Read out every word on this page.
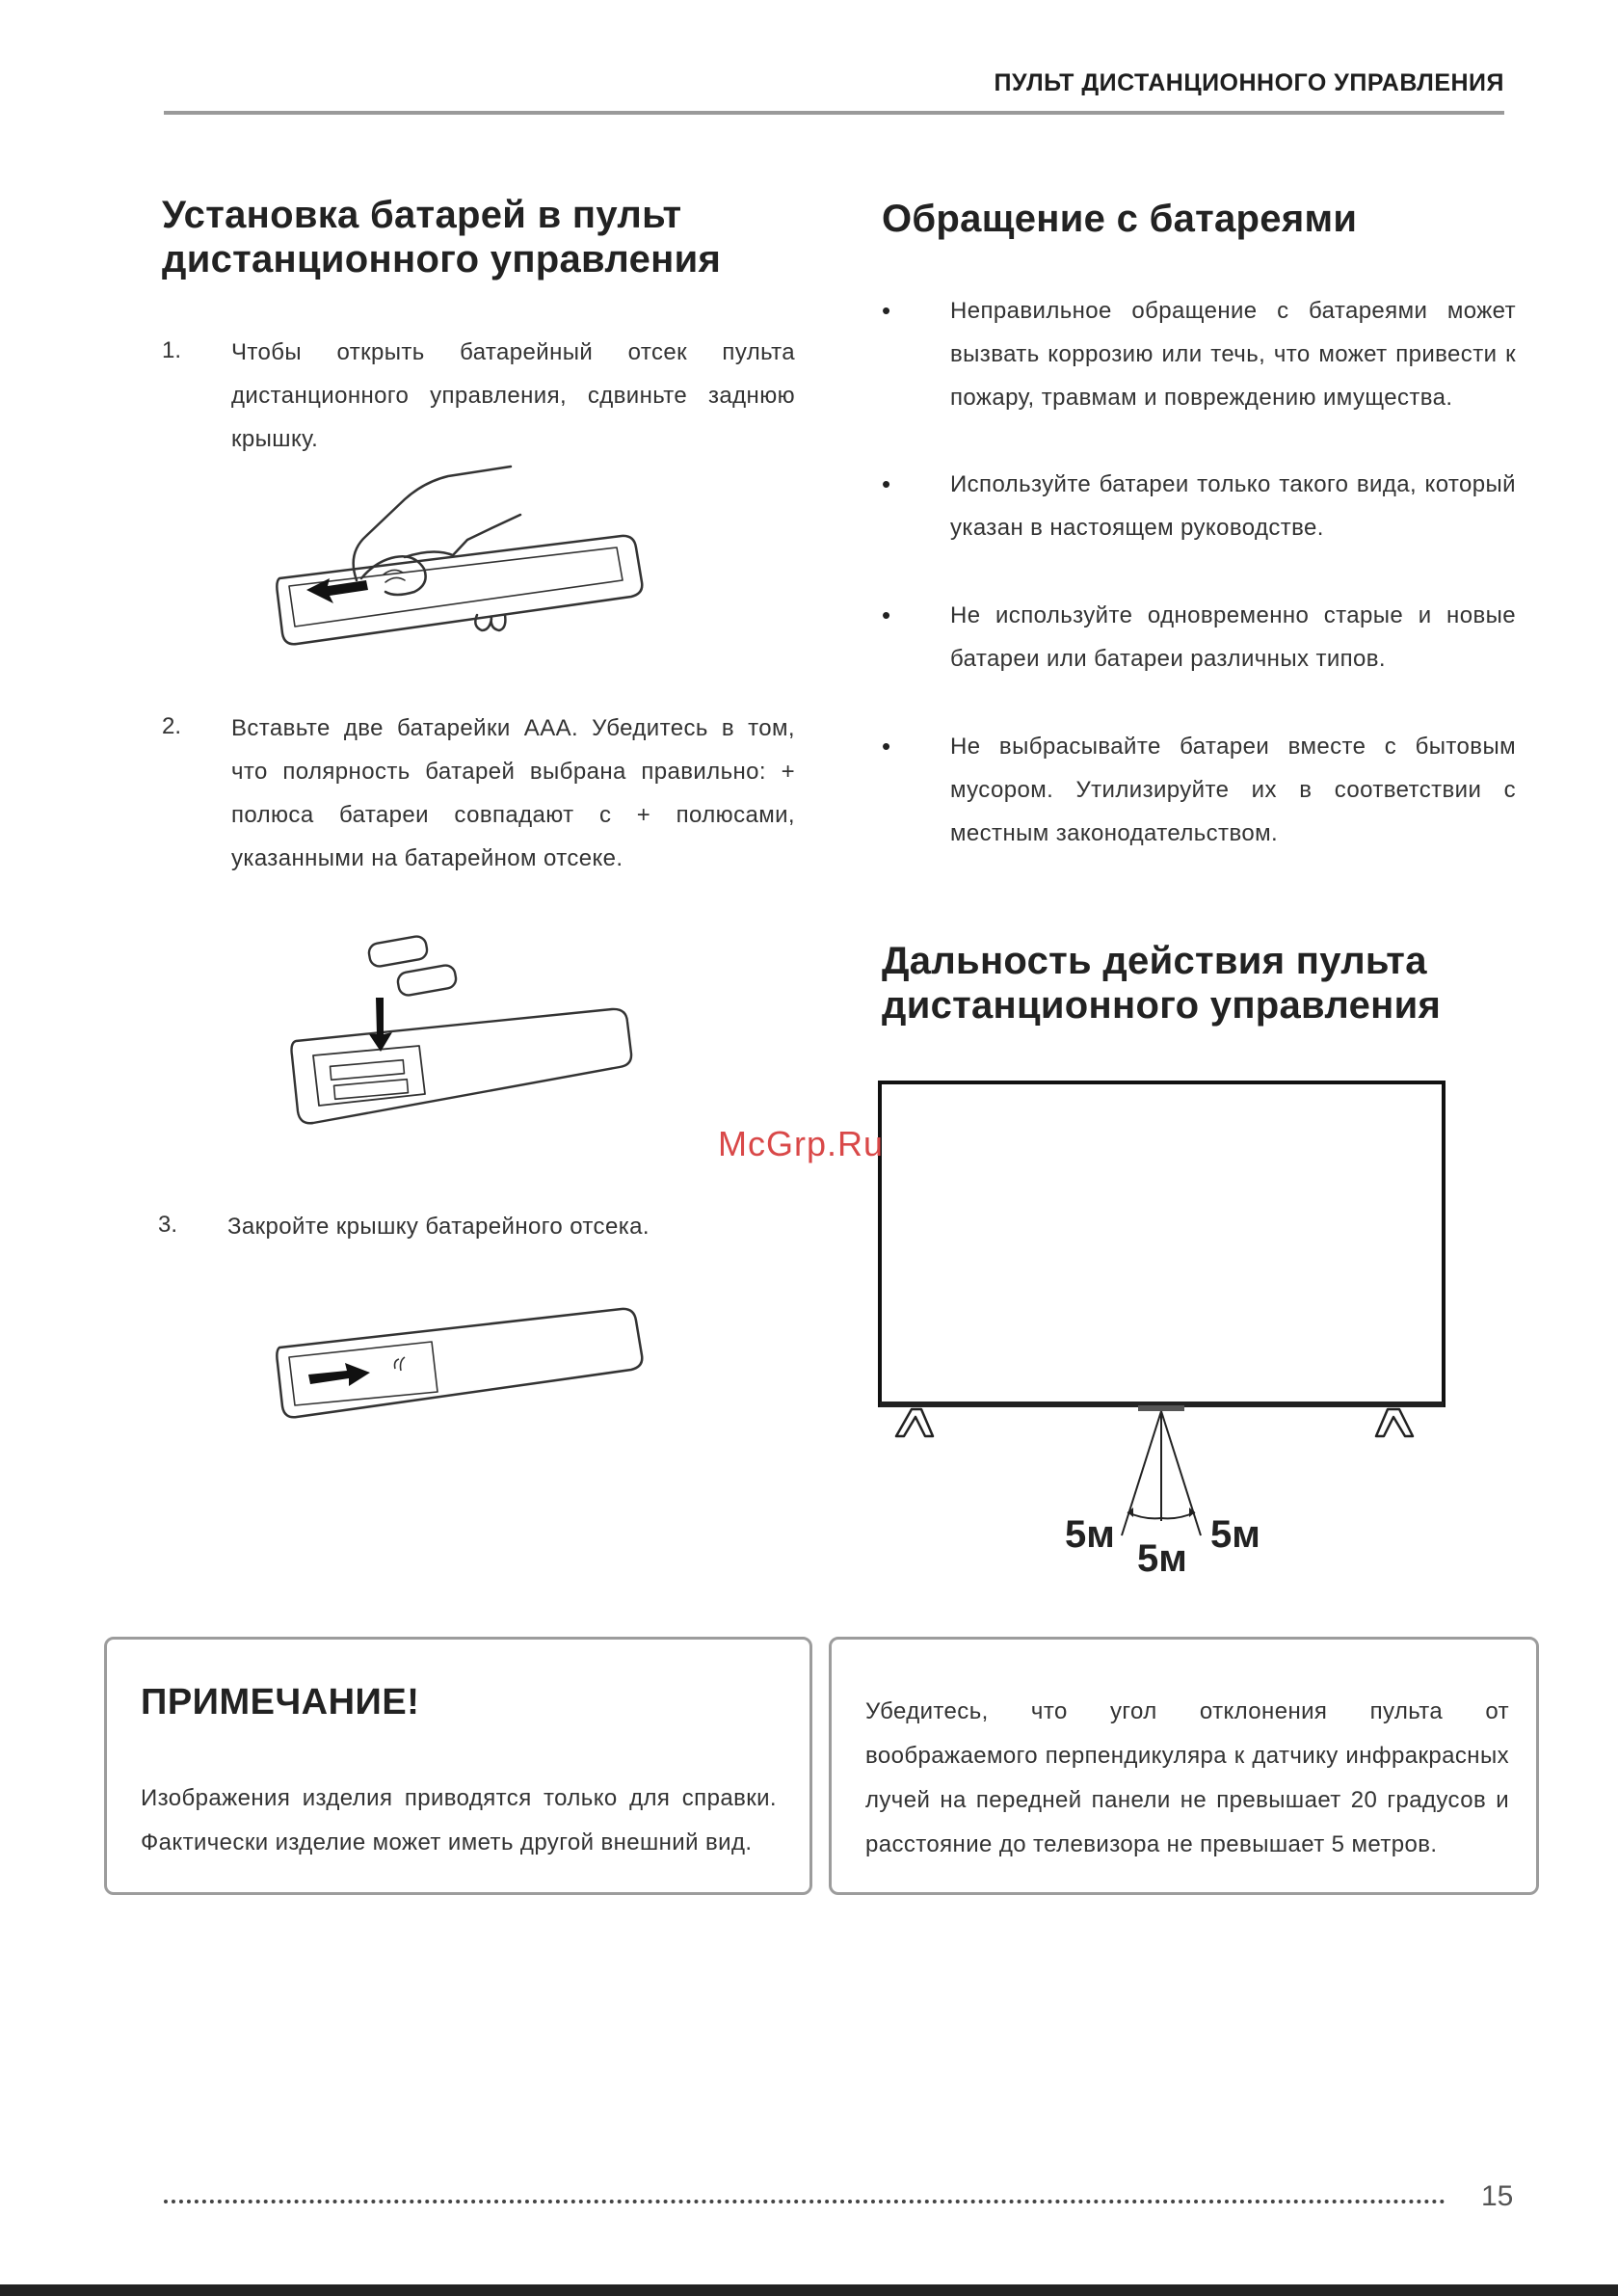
ПУЛЬТ ДИСТАНЦИОННОГО УПРАВЛЕНИЯ
Установка батарей в пульт
дистанционного управления
1. Чтобы открыть батарейный отсек пульта дистанционного управления, сдвиньте заднюю крышку.
2. Вставьте две батарейки ААА. Убедитесь в том, что полярность батарей выбрана правильно: + полюса батареи совпадают с + полюсами, указанными на батарейном отсеке.
3. Закройте крышку батарейного отсека.
Обращение с батареями
•	Неправильное обращение с батареями может вызвать коррозию или течь, что может привести к пожару, травмам и повреждению имущества.
•	Используйте батареи только такого вида, который указан в настоящем руководстве.
•	Не используйте одновременно старые и новые батареи или батареи различных типов.
•	Не выбрасывайте батареи вместе с бытовым мусором. Утилизируйте их в соответствии с местным законодательством.
Дальность действия пульта
дистанционного управления
5м
5м
5м
McGrp.Ru
ПРИМЕЧАНИЕ!
Изображения изделия приводятся только для справки. Фактически изделие может иметь другой внешний вид.
Убедитесь, что угол отклонения пульта от воображаемого перпендикуляра к датчику инфракрасных лучей на передней панели не превышает 20 градусов и расстояние до телевизора не превышает 5 метров.
15
